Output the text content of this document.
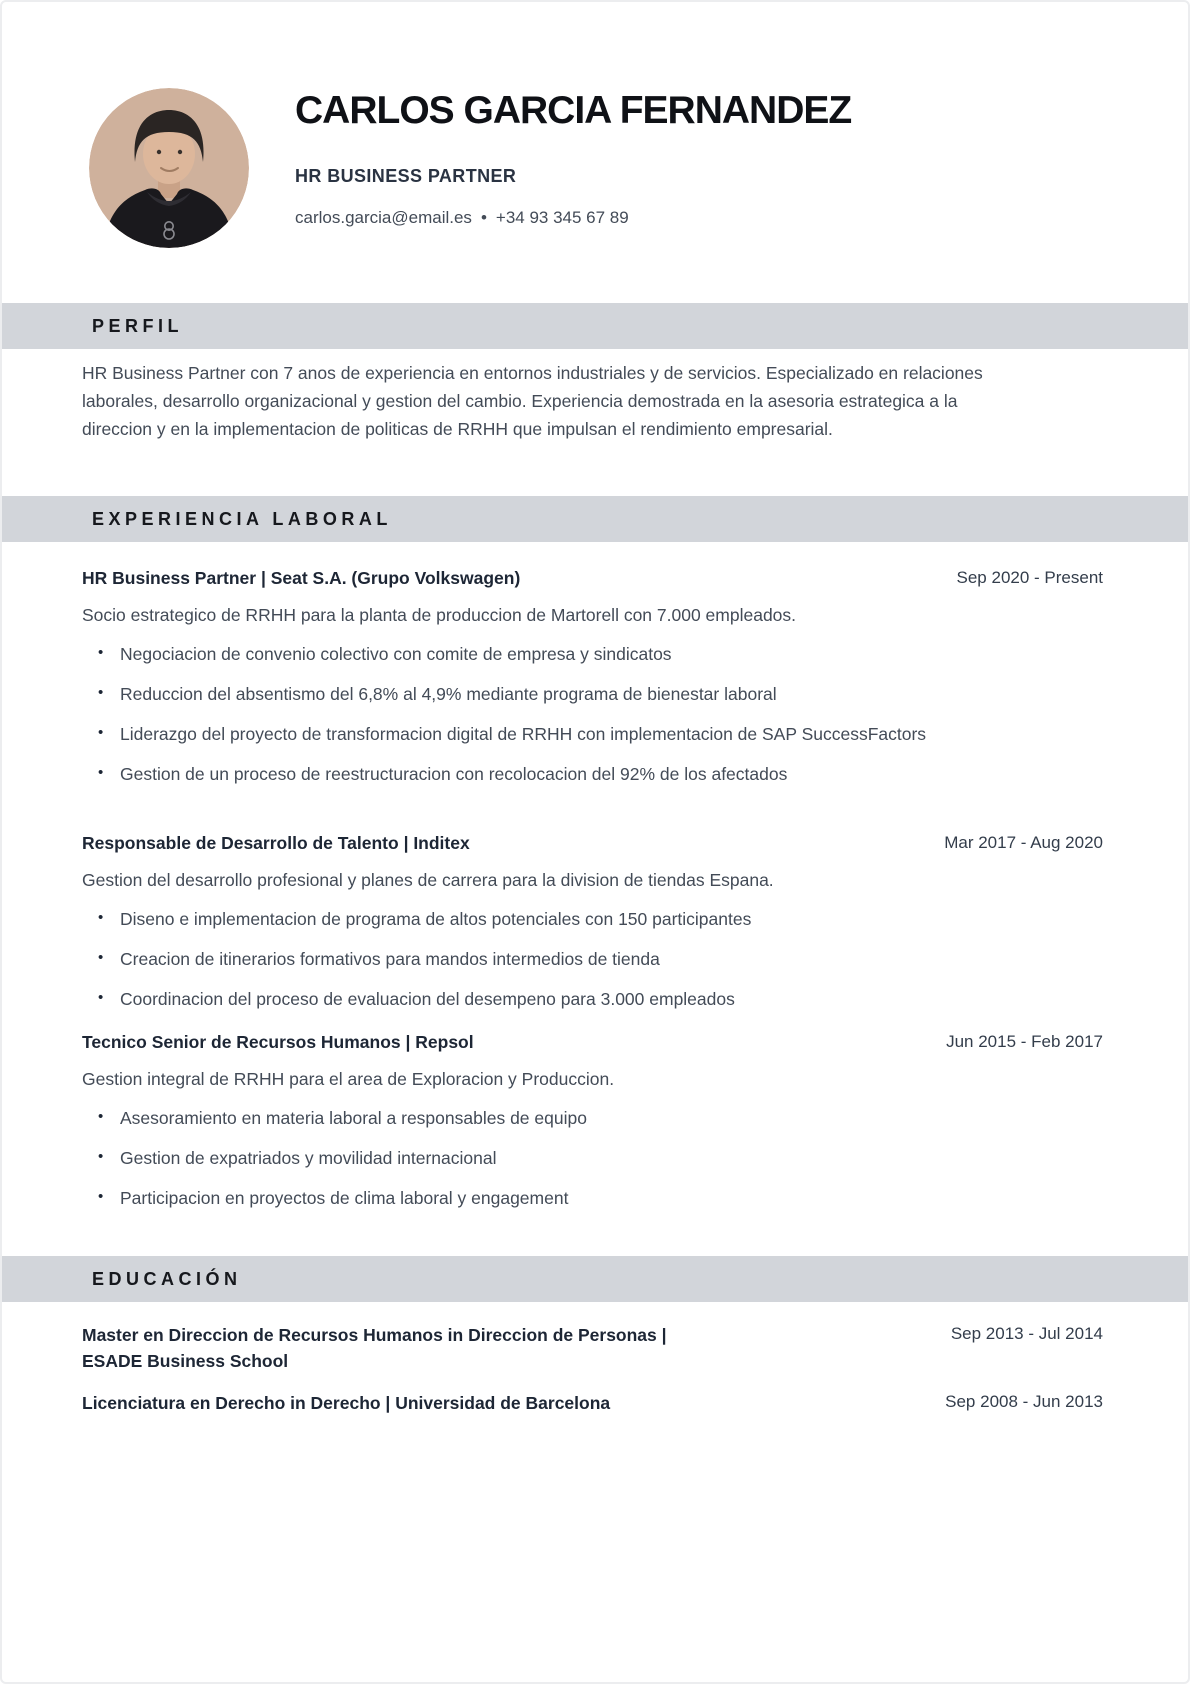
CARLOS GARCIA FERNANDEZ
HR BUSINESS PARTNER
carlos.garcia@email.es • +34 93 345 67 89
PERFIL

HR Business Partner con 7 anos de experiencia en entornos industriales y de servicios. Especializado en relaciones laborales, desarrollo organizacional y gestion del cambio. Experiencia demostrada en la asesoria estrategica a la direccion y en la implementacion de politicas de RRHH que impulsan el rendimiento empresarial.

EXPERIENCIA LABORAL
HR Business Partner | Seat S.A. (Grupo Volkswagen)	Sep 2020 - Present

Socio estrategico de RRHH para la planta de produccion de Martorell con 7.000 empleados.

• Negociacion de convenio colectivo con comite de empresa y sindicatos
• Reduccion del absentismo del 6,8% al 4,9% mediante programa de bienestar laboral
• Liderazgo del proyecto de transformacion digital de RRHH con implementacion de SAP SuccessFactors
• Gestion de un proceso de reestructuracion con recolocacion del 92% de los afectados
Responsable de Desarrollo de Talento | Inditex	Mar 2017 - Aug 2020

Gestion del desarrollo profesional y planes de carrera para la division de tiendas Espana.

• Diseno e implementacion de programa de altos potenciales con 150 participantes
• Creacion de itinerarios formativos para mandos intermedios de tienda
• Coordinacion del proceso de evaluacion del desempeno para 3.000 empleados
Tecnico Senior de Recursos Humanos | Repsol	Jun 2015 - Feb 2017

Gestion integral de RRHH para el area de Exploracion y Produccion.

• Asesoramiento en materia laboral a responsables de equipo
• Gestion de expatriados y movilidad internacional
• Participacion en proyectos de clima laboral y engagement
EDUCACIÓN
Master en Direccion de Recursos Humanos in Direccion de Personas | ESADE Business School
Sep 2013 - Jul 2014
Licenciatura en Derecho in Derecho | Universidad de Barcelona	Sep 2008 - Jun 2013
